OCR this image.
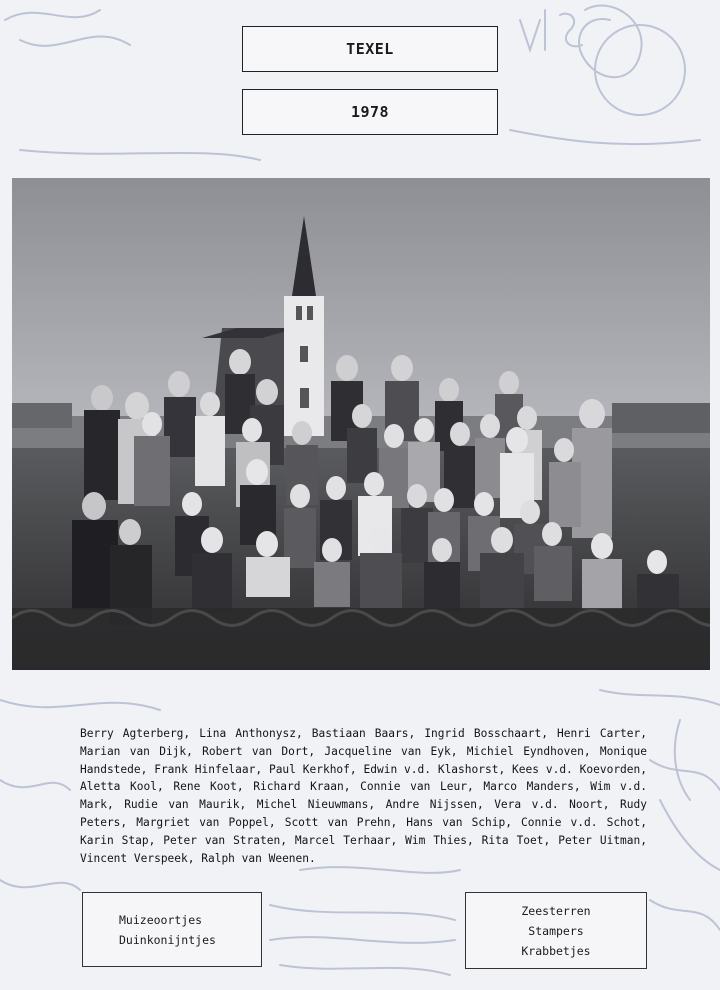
TEXEL
1978
Berry Agterberg, Lina Anthonysz, Bastiaan Baars, Ingrid Bosschaart, Henri Carter, Marian van Dijk, Robert van Dort, Jacqueline van Eyk, Michiel Eyndhoven, Monique Handstede, Frank Hinfelaar, Paul Kerkhof, Edwin v.d. Klashorst, Kees v.d. Koevorden, Aletta Kool, Rene Koot, Richard Kraan, Connie van Leur, Marco Manders, Wim v.d. Mark, Rudie van Maurik, Michel Nieuwmans, Andre Nijssen, Vera v.d. Noort, Rudy Peters, Margriet van Poppel, Scott van Prehn, Hans van Schip, Connie v.d. Schot, Karin Stap, Peter van Straten, Marcel Terhaar, Wim Thies, Rita Toet, Peter Uitman, Vincent Verspeek, Ralph van Weenen.
Muizeoortjes
Duinkonijntjes
Zeesterren
Stampers
Krabbetjes
